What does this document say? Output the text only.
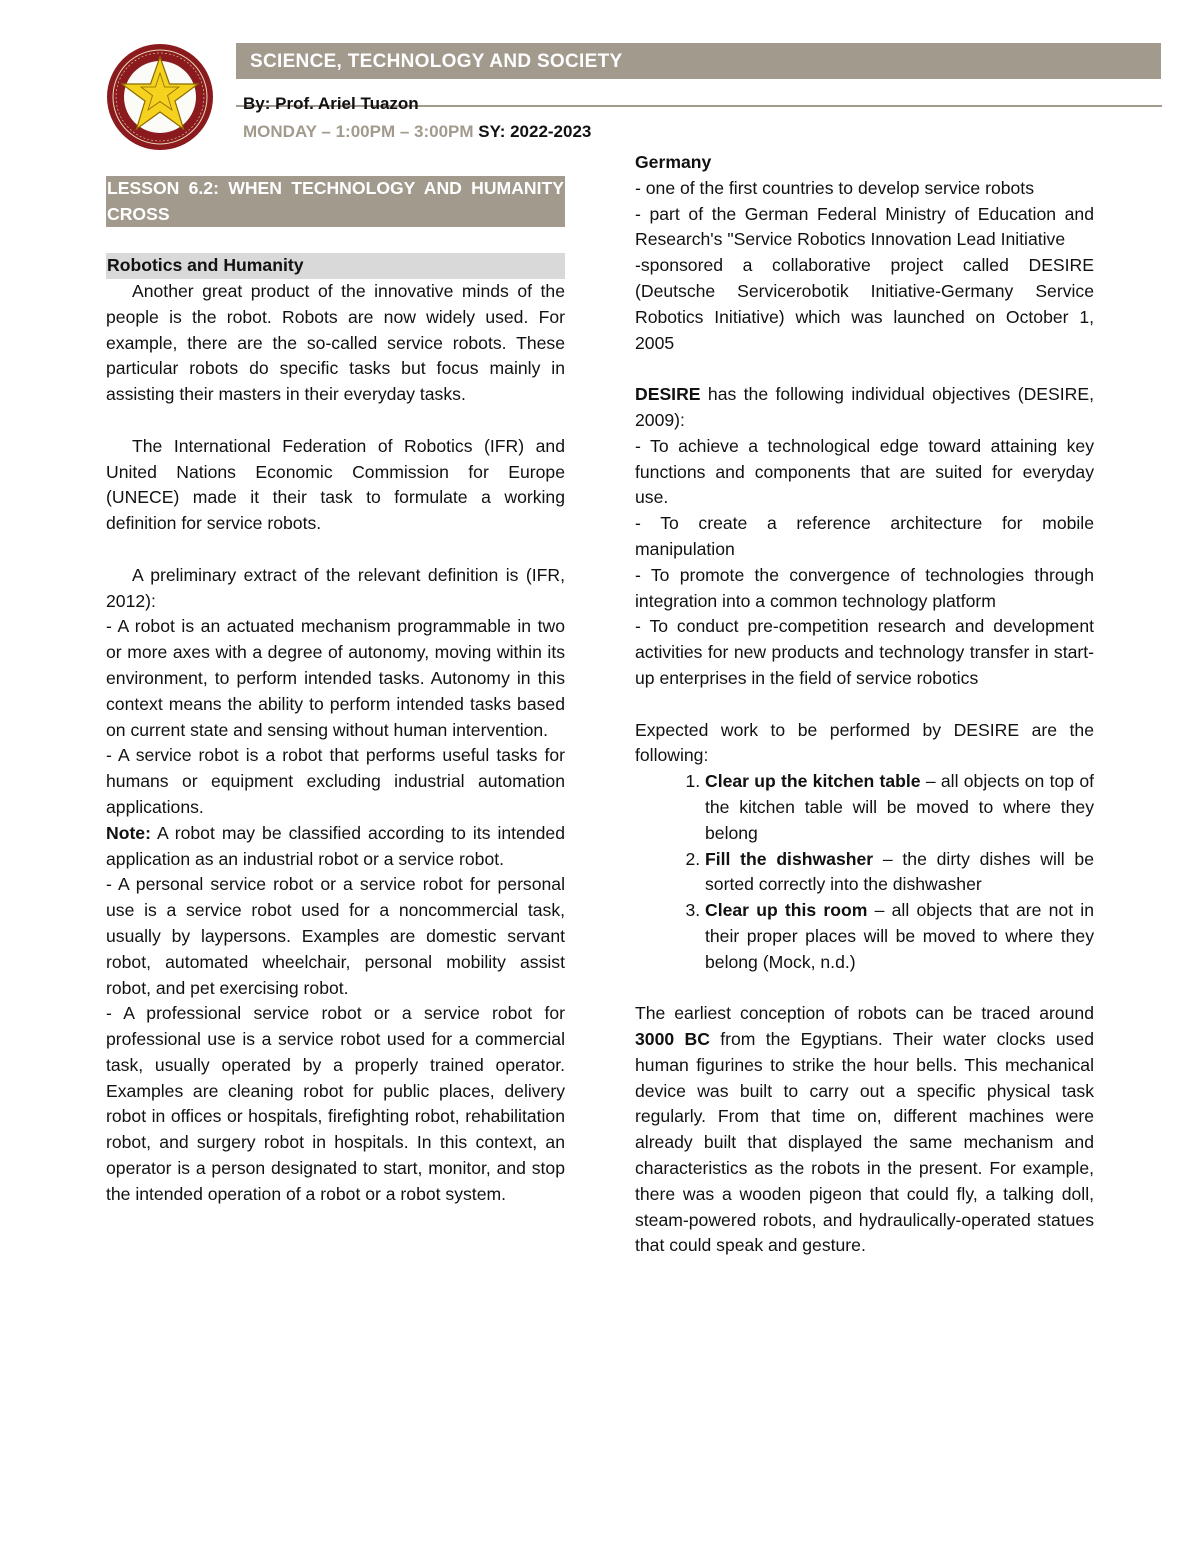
SCIENCE, TECHNOLOGY AND SOCIETY
By: Prof. Ariel Tuazon
MONDAY – 1:00PM – 3:00PM SY: 2022-2023
LESSON 6.2: WHEN TECHNOLOGY AND HUMANITY CROSS
Robotics and Humanity

Another great product of the innovative minds of the people is the robot. Robots are now widely used. For example, there are the so-called service robots. These particular robots do specific tasks but focus mainly in assisting their masters in their everyday tasks.

The International Federation of Robotics (IFR) and United Nations Economic Commission for Europe (UNECE) made it their task to formulate a working definition for service robots.

A preliminary extract of the relevant definition is (IFR, 2012):

- A robot is an actuated mechanism programmable in two or more axes with a degree of autonomy, moving within its environment, to perform intended tasks. Autonomy in this context means the ability to perform intended tasks based on current state and sensing without human intervention.

- A service robot is a robot that performs useful tasks for humans or equipment excluding industrial automation applications.

Note: A robot may be classified according to its intended application as an industrial robot or a service robot.

- A personal service robot or a service robot for personal use is a service robot used for a noncommercial task, usually by laypersons. Examples are domestic servant robot, automated wheelchair, personal mobility assist robot, and pet exercising robot.

- A professional service robot or a service robot for professional use is a service robot used for a commercial task, usually operated by a properly trained operator. Examples are cleaning robot for public places, delivery robot in offices or hospitals, firefighting robot, rehabilitation robot, and surgery robot in hospitals. In this context, an operator is a person designated to start, monitor, and stop the intended operation of a robot or a robot system.

Germany

- one of the first countries to develop service robots

- part of the German Federal Ministry of Education and Research's "Service Robotics Innovation Lead Initiative

-sponsored a collaborative project called DESIRE (Deutsche Servicerobotik Initiative-Germany Service Robotics Initiative) which was launched on October 1, 2005

DESIRE has the following individual objectives (DESIRE, 2009):

- To achieve a technological edge toward attaining key functions and components that are suited for everyday use.

- To create a reference architecture for mobile manipulation

- To promote the convergence of technologies through integration into a common technology platform

- To conduct pre-competition research and development activities for new products and technology transfer in start-up enterprises in the field of service robotics

Expected work to be performed by DESIRE are the following:

1. Clear up the kitchen table – all objects on top of the kitchen table will be moved to where they belong
2. Fill the dishwasher – the dirty dishes will be sorted correctly into the dishwasher
3. Clear up this room – all objects that are not in their proper places will be moved to where they belong (Mock, n.d.)

The earliest conception of robots can be traced around 3000 BC from the Egyptians. Their water clocks used human figurines to strike the hour bells. This mechanical device was built to carry out a specific physical task regularly. From that time on, different machines were already built that displayed the same mechanism and characteristics as the robots in the present. For example, there was a wooden pigeon that could fly, a talking doll, steam-powered robots, and hydraulically-operated statues that could speak and gesture.
